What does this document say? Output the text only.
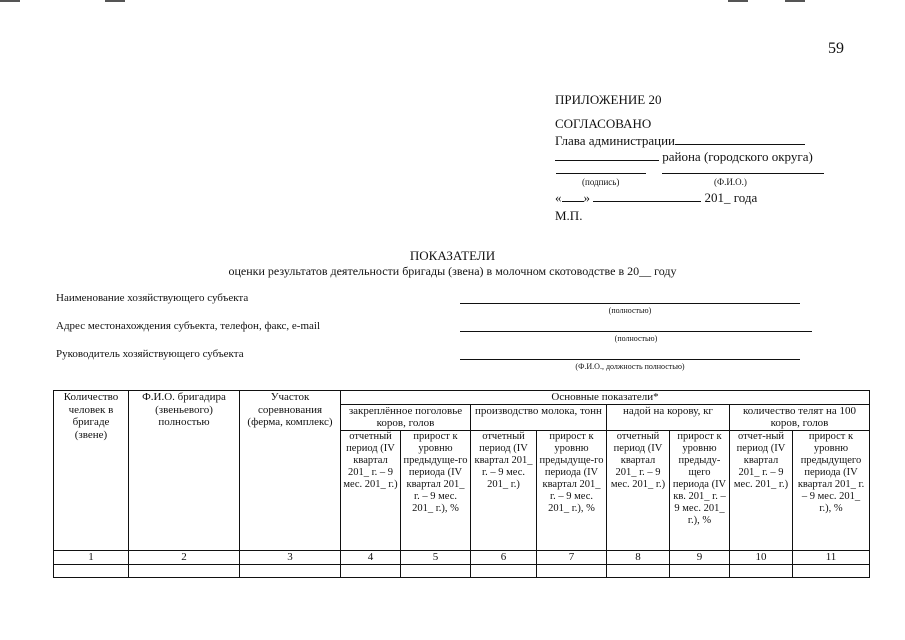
59
ПРИЛОЖЕНИЕ 20
СОГЛАСОВАНО
Глава администрации
района (городского округа)
(подпись)	(Ф.И.О.)
« »	201_ года
М.П.
ПОКАЗАТЕЛИ
оценки результатов деятельности бригады (звена) в молочном скотоводстве в 20__ году
Наименование хозяйствующего субъекта
(полностью)
Адрес местонахождения субъекта, телефон, факс, e-mail
(полностью)
Руководитель хозяйствующего субъекта
(Ф.И.О., должность полностью)
Количество человек в бригаде (звене)	Ф.И.О. бригадира (звеньевого) полностью	Участок соревнования (ферма, комплекс)	Основные показатели*							
			закреплённое поголовье коров, голов		производство молока, тонн		надой на корову, кг		количество телят на 100 коров, голов	
			отчетный период (IV квартал 201_ г. – 9 мес. 201_ г.)	прирост к уровню предыдуще-го периода (IV квартал 201_ г. – 9 мес. 201_ г.), %	отчетный период (IV квартал 201_ г. – 9 мес. 201_ г.)	прирост к уровню предыдуще-го периода (IV квартал 201_ г. – 9 мес. 201_ г.), %	отчетный период (IV квартал 201_ г. – 9 мес. 201_ г.)	прирост к уровню предыду-щего периода (IV кв. 201_ г. – 9 мес. 201_ г.), %	отчет-ный период (IV квартал 201_ г. – 9 мес. 201_ г.)	прирост к уровню предыдущего периода (IV квартал 201_ г. – 9 мес. 201_ г.), %
1	2	3	4	5	6	7	8	9	10	11
